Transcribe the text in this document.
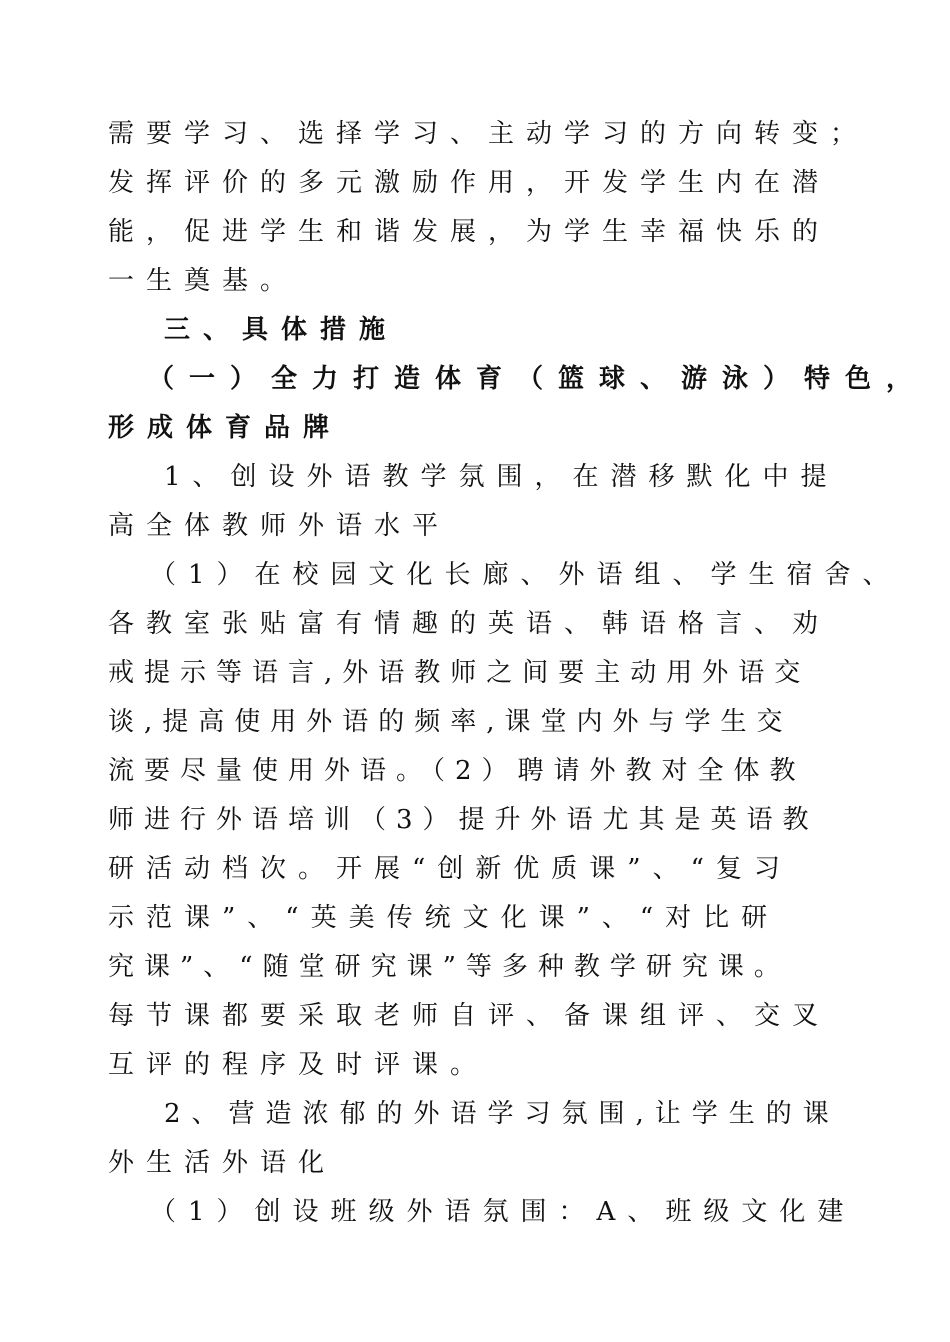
需要学习、选择学习、主动学习的方向转变；
发挥评价的多元激励作用，开发学生内在潜
能，促进学生和谐发展，为学生幸福快乐的
一生奠基。
三、具体措施
（一）全力打造体育（篮球、游泳）特色，
形成体育品牌
1、创设外语教学氛围，在潜移默化中提
高全体教师外语水平
（1）在校园文化长廊、外语组、学生宿舍、
各教室张贴富有情趣的英语、韩语格言、劝
戒提示等语言,外语教师之间要主动用外语交
谈,提高使用外语的频率,课堂内外与学生交
流要尽量使用外语。（2）聘请外教对全体教
师进行外语培训（3）提升外语尤其是英语教
研活动档次。开展“创新优质课”、“复习
示范课”、“英美传统文化课”、“对比研
究课”、“随堂研究课”等多种教学研究课。
每节课都要采取老师自评、备课组评、交叉
互评的程序及时评课。
2、营造浓郁的外语学习氛围,让学生的课
外生活外语化
（1）创设班级外语氛围：A、班级文化建
